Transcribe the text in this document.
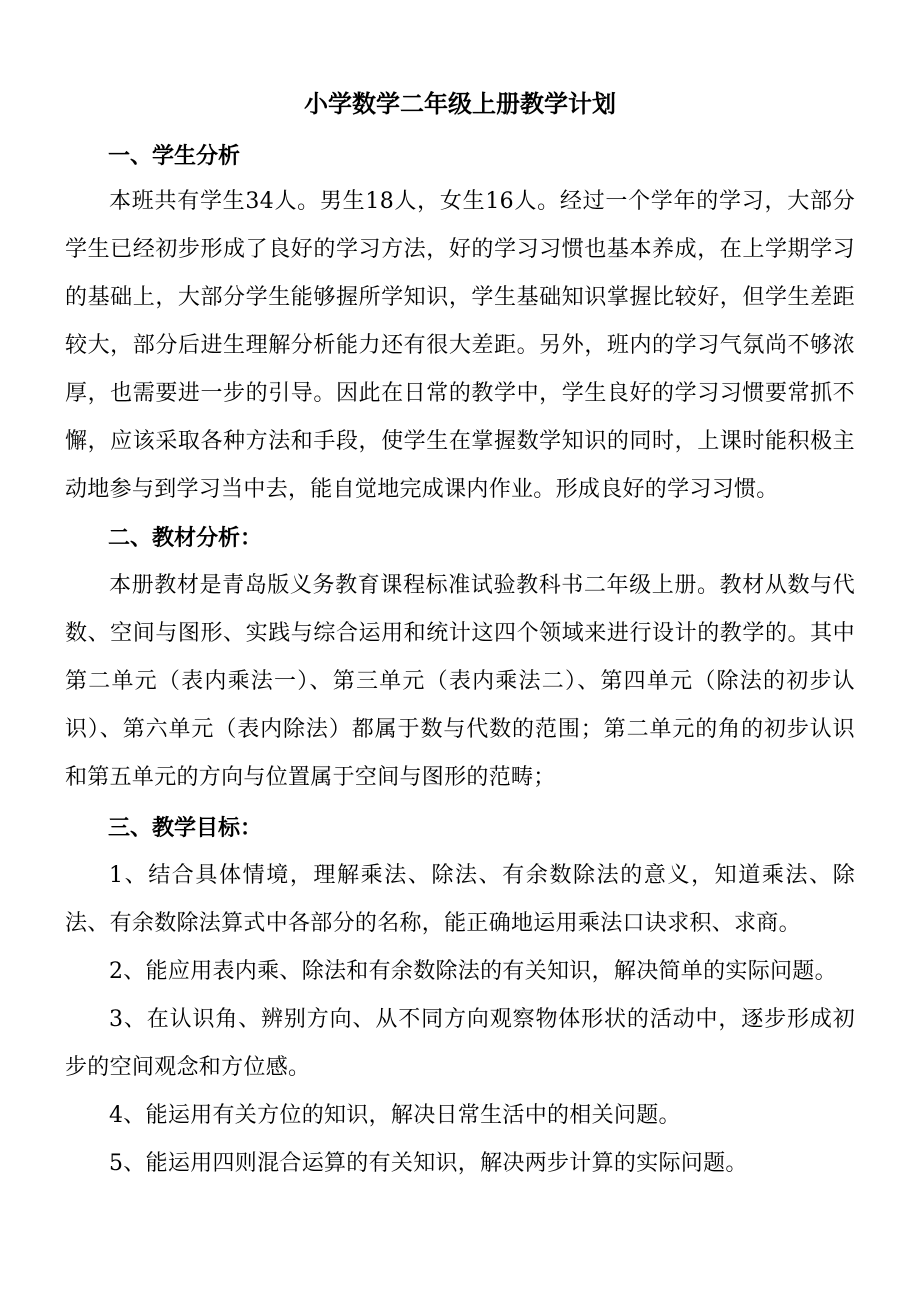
小学数学二年级上册教学计划
一、学生分析

本班共有学生34人。男生18人，女生16人。经过一个学年的学习，大部分学生已经初步形成了良好的学习方法，好的学习习惯也基本养成，在上学期学习的基础上，大部分学生能够握所学知识，学生基础知识掌握比较好，但学生差距较大，部分后进生理解分析能力还有很大差距。另外，班内的学习气氛尚不够浓厚，也需要进一步的引导。因此在日常的教学中，学生良好的学习习惯要常抓不懈，应该采取各种方法和手段，使学生在掌握数学知识的同时，上课时能积极主动地参与到学习当中去，能自觉地完成课内作业。形成良好的学习习惯。

二、教材分析：

本册教材是青岛版义务教育课程标准试验教科书二年级上册。教材从数与代数、空间与图形、实践与综合运用和统计这四个领域来进行设计的教学的。其中第二单元（表内乘法一）、第三单元（表内乘法二）、第四单元（除法的初步认识）、第六单元（表内除法）都属于数与代数的范围；第二单元的角的初步认识和第五单元的方向与位置属于空间与图形的范畴；

三、教学目标：

1、结合具体情境，理解乘法、除法、有余数除法的意义，知道乘法、除法、有余数除法算式中各部分的名称，能正确地运用乘法口诀求积、求商。

2、能应用表内乘、除法和有余数除法的有关知识，解决简单的实际问题。

3、在认识角、辨别方向、从不同方向观察物体形状的活动中，逐步形成初步的空间观念和方位感。

4、能运用有关方位的知识，解决日常生活中的相关问题。

5、能运用四则混合运算的有关知识，解决两步计算的实际问题。
